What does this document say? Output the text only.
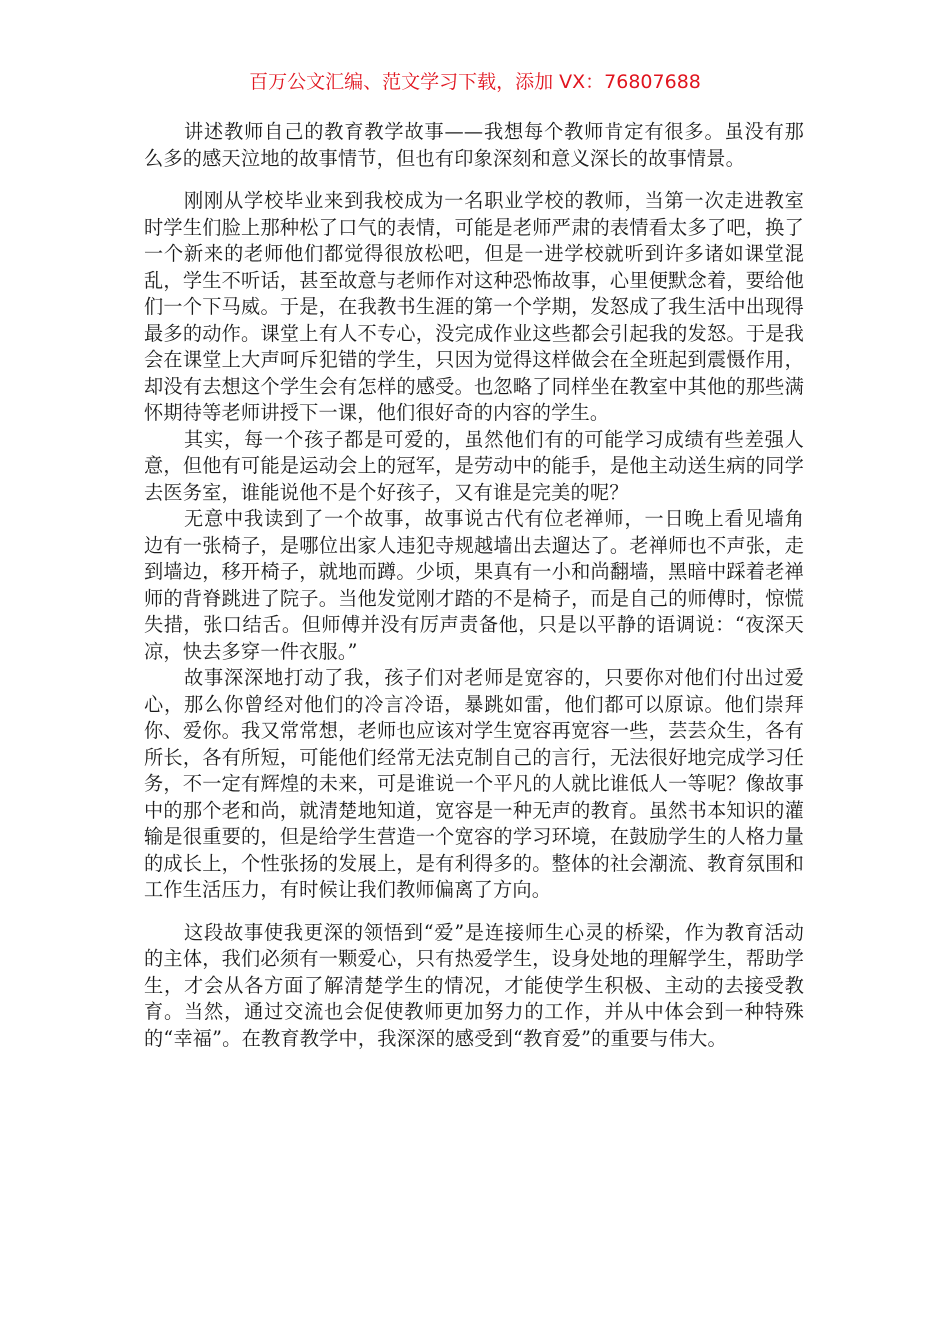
百万公文汇编、范文学习下载，添加 VX：76807688

讲述教师自己的教育教学故事——我想每个教师肯定有很多。虽没有那么多的感天泣地的故事情节，但也有印象深刻和意义深长的故事情景。

刚刚从学校毕业来到我校成为一名职业学校的教师，当第一次走进教室时学生们脸上那种松了口气的表情，可能是老师严肃的表情看太多了吧，换了一个新来的老师他们都觉得很放松吧，但是一进学校就听到许多诸如课堂混乱，学生不听话，甚至故意与老师作对这种恐怖故事，心里便默念着，要给他们一个下马威。于是，在我教书生涯的第一个学期，发怒成了我生活中出现得最多的动作。课堂上有人不专心，没完成作业这些都会引起我的发怒。于是我会在课堂上大声呵斥犯错的学生，只因为觉得这样做会在全班起到震慑作用，却没有去想这个学生会有怎样的感受。也忽略了同样坐在教室中其他的那些满怀期待等老师讲授下一课，他们很好奇的内容的学生。

其实，每一个孩子都是可爱的，虽然他们有的可能学习成绩有些差强人意，但他有可能是运动会上的冠军，是劳动中的能手，是他主动送生病的同学去医务室，谁能说他不是个好孩子，又有谁是完美的呢？

无意中我读到了一个故事，故事说古代有位老禅师，一日晚上看见墙角边有一张椅子，是哪位出家人违犯寺规越墙出去遛达了。老禅师也不声张，走到墙边，移开椅子，就地而蹲。少顷，果真有一小和尚翻墙，黑暗中踩着老禅师的背脊跳进了院子。当他发觉刚才踏的不是椅子，而是自己的师傅时，惊慌失措，张口结舌。但师傅并没有厉声责备他，只是以平静的语调说：“夜深天凉，快去多穿一件衣服。”

故事深深地打动了我，孩子们对老师是宽容的，只要你对他们付出过爱心，那么你曾经对他们的冷言冷语，暴跳如雷，他们都可以原谅。他们崇拜你、爱你。我又常常想，老师也应该对学生宽容再宽容一些，芸芸众生，各有所长，各有所短，可能他们经常无法克制自己的言行，无法很好地完成学习任务，不一定有辉煌的未来，可是谁说一个平凡的人就比谁低人一等呢？像故事中的那个老和尚，就清楚地知道，宽容是一种无声的教育。虽然书本知识的灌输是很重要的，但是给学生营造一个宽容的学习环境，在鼓励学生的人格力量的成长上，个性张扬的发展上，是有利得多的。整体的社会潮流、教育氛围和工作生活压力，有时候让我们教师偏离了方向。

这段故事使我更深的领悟到“爱”是连接师生心灵的桥梁，作为教育活动的主体，我们必须有一颗爱心，只有热爱学生，设身处地的理解学生，帮助学生，才会从各方面了解清楚学生的情况，才能使学生积极、主动的去接受教育。当然，通过交流也会促使教师更加努力的工作，并从中体会到一种特殊的“幸福”。在教育教学中，我深深的感受到“教育爱”的重要与伟大。
